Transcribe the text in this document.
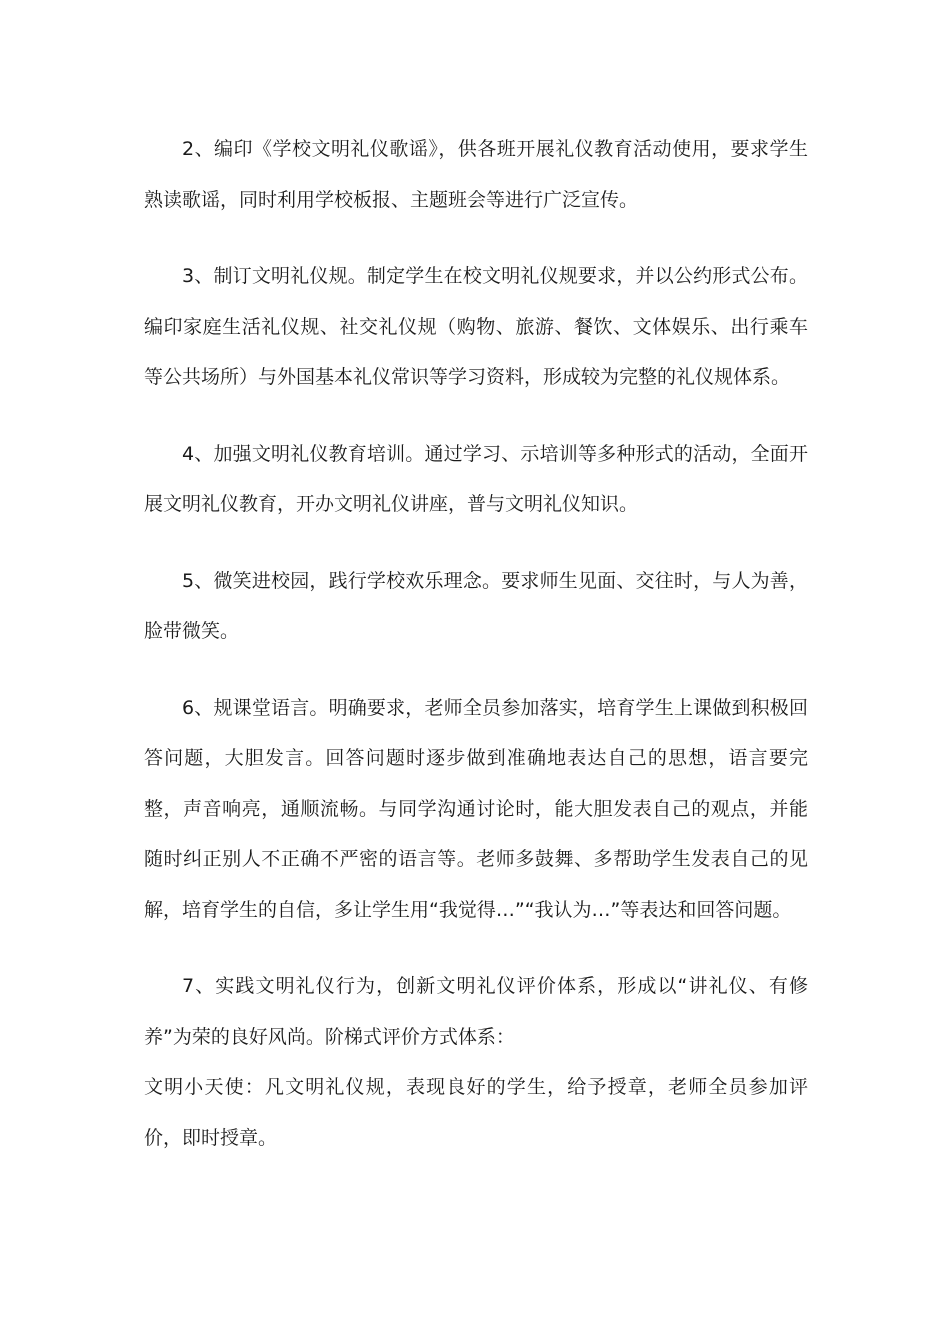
2、编印《学校文明礼仪歌谣》，供各班开展礼仪教育活动使用，要求学生熟读歌谣，同时利用学校板报、主题班会等进行广泛宣传。

3、制订文明礼仪规。制定学生在校文明礼仪规要求，并以公约形式公布。编印家庭生活礼仪规、社交礼仪规（购物、旅游、餐饮、文体娱乐、出行乘车等公共场所）与外国基本礼仪常识等学习资料，形成较为完整的礼仪规体系。

4、加强文明礼仪教育培训。通过学习、示培训等多种形式的活动，全面开展文明礼仪教育，开办文明礼仪讲座，普与文明礼仪知识。

5、微笑进校园，践行学校欢乐理念。要求师生见面、交往时，与人为善，脸带微笑。

6、规课堂语言。明确要求，老师全员参加落实，培育学生上课做到积极回答问题，大胆发言。回答问题时逐步做到准确地表达自己的思想，语言要完整，声音响亮，通顺流畅。与同学沟通讨论时，能大胆发表自己的观点，并能随时纠正别人不正确不严密的语言等。老师多鼓舞、多帮助学生发表自己的见解，培育学生的自信，多让学生用“我觉得…”“我认为…”等表达和回答问题。

7、实践文明礼仪行为，创新文明礼仪评价体系，形成以“讲礼仪、有修养”为荣的良好风尚。阶梯式评价方式体系：

文明小天使：凡文明礼仪规，表现良好的学生，给予授章，老师全员参加评价，即时授章。
